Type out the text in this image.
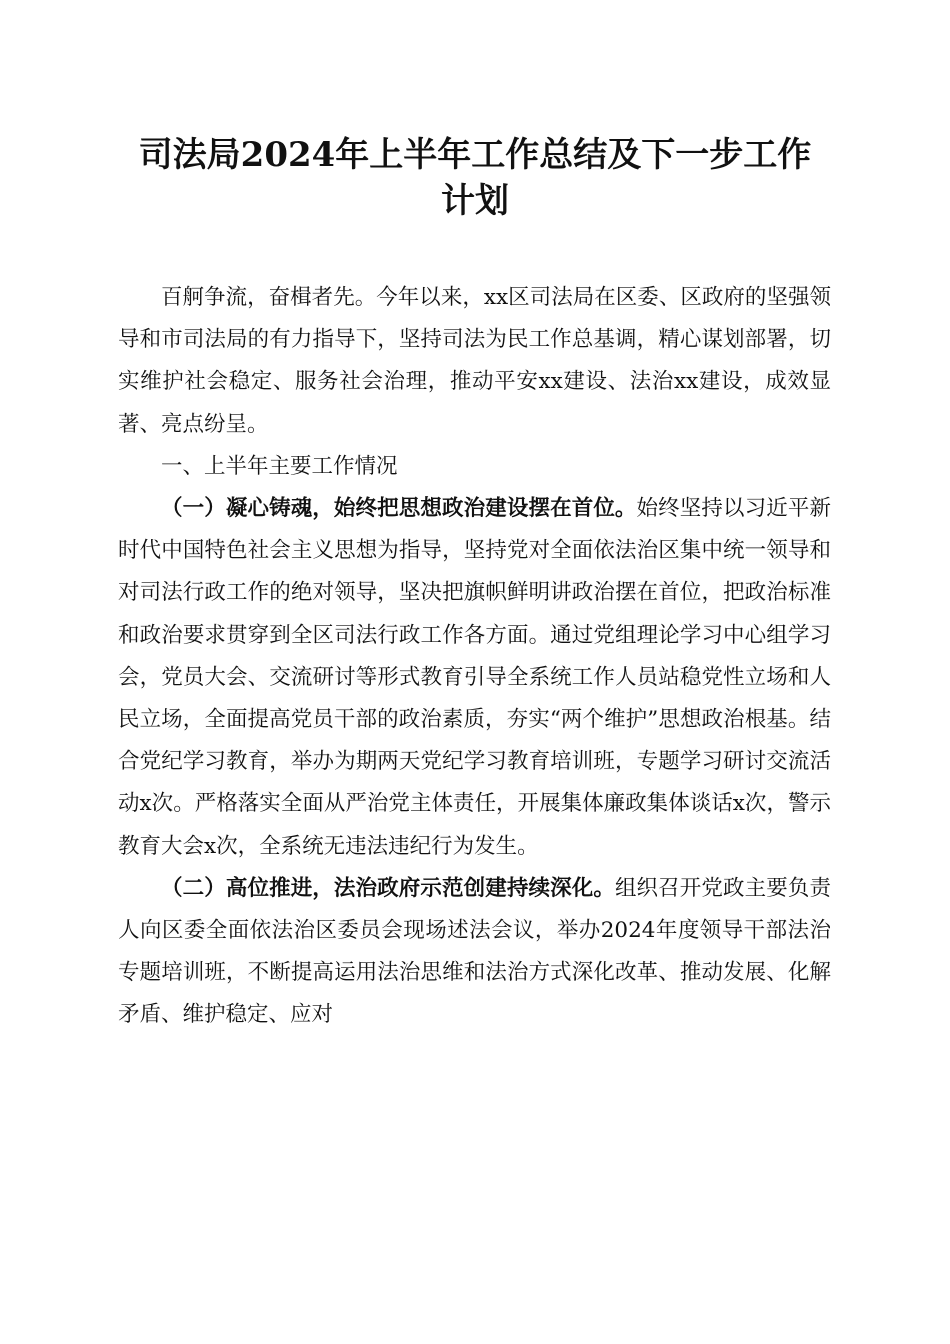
司法局2024年上半年工作总结及下一步工作
计划

百舸争流，奋楫者先。今年以来，xx区司法局在区委、区政府的坚强领导和市司法局的有力指导下，坚持司法为民工作总基调，精心谋划部署，切实维护社会稳定、服务社会治理，推动平安xx建设、法治xx建设，成效显著、亮点纷呈。

一、上半年主要工作情况

（一）凝心铸魂，始终把思想政治建设摆在首位。始终坚持以习近平新时代中国特色社会主义思想为指导，坚持党对全面依法治区集中统一领导和对司法行政工作的绝对领导，坚决把旗帜鲜明讲政治摆在首位，把政治标准和政治要求贯穿到全区司法行政工作各方面。通过党组理论学习中心组学习会，党员大会、交流研讨等形式教育引导全系统工作人员站稳党性立场和人民立场，全面提高党员干部的政治素质，夯实“两个维护”思想政治根基。结合党纪学习教育，举办为期两天党纪学习教育培训班，专题学习研讨交流活动x次。严格落实全面从严治党主体责任，开展集体廉政集体谈话x次，警示教育大会x次，全系统无违法违纪行为发生。

（二）高位推进，法治政府示范创建持续深化。组织召开党政主要负责人向区委全面依法治区委员会现场述法会议，举办2024年度领导干部法治专题培训班，不断提高运用法治思维和法治方式深化改革、推动发展、化解矛盾、维护稳定、应对
